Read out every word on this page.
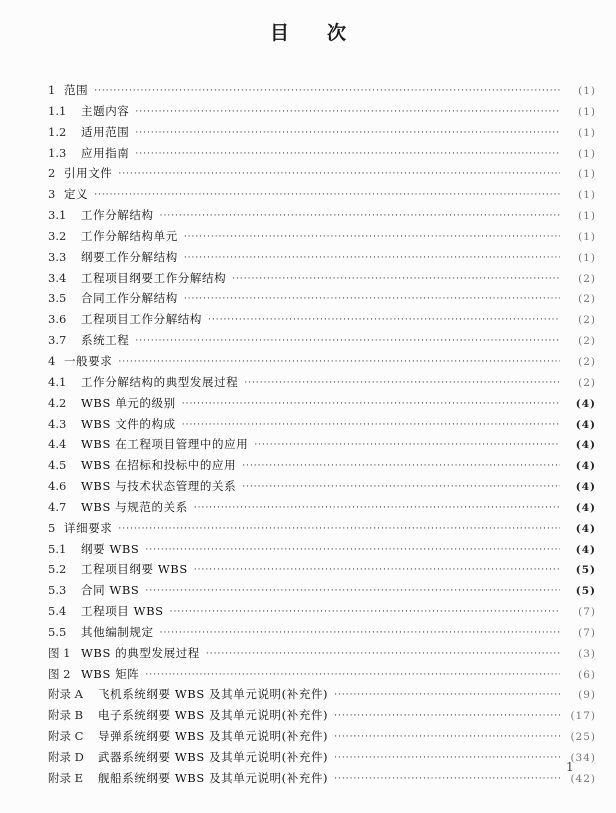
目 次
1 范围 ·····	(1)
1.1	主题内容 ·····	(1)
1.2	适用范围 ·····	(1)
1.3	应用指南 ·····	(1)
2 引用文件 ·····	(1)
3 定义 ·····	(1)
3.1	工作分解结构 ·····	(1)
3.2	工作分解结构单元 ·····	(1)
3.3	纲要工作分解结构 ·····	(1)
3.4	工程项目纲要工作分解结构 ·····	(2)
3.5	合同工作分解结构 ·····	(2)
3.6	工程项目工作分解结构 ·····	(2)
3.7	系统工程 ·····	(2)
4 一般要求 ·····	(2)
4.1	工作分解结构的典型发展过程 ·····	(2)
4.2	WBS 单元的级别 ·····	(4)
4.3	WBS 文件的构成 ·····	(4)
4.4	WBS 在工程项目管理中的应用 ·····	(4)
4.5	WBS 在招标和投标中的应用 ·····	(4)
4.6	WBS 与技术状态管理的关系 ·····	(4)
4.7	WBS 与规范的关系 ·····	(4)
5 详细要求 ·····	(4)
5.1	纲要 WBS ·····	(4)
5.2	工程项目纲要 WBS ·····	(5)
5.3	合同 WBS ·····	(5)
5.4	工程项目 WBS ·····	(7)
5.5	其他编制规定 ·····	(7)
图 1 WBS 的典型发展过程 ·····	(3)
图 2 WBS 矩阵 ·····	(6)
附录 A	飞机系统纲要 WBS 及其单元说明(补充件) ·····	(9)
附录 B	电子系统纲要 WBS 及其单元说明(补充件) ·····	(17)
附录 C	导弹系统纲要 WBS 及其单元说明(补充件) ·····	(25)
附录 D	武器系统纲要 WBS 及其单元说明(补充件) ·····	(34)
附录 E	舰船系统纲要 WBS 及其单元说明(补充件) ·····	(42)
1
